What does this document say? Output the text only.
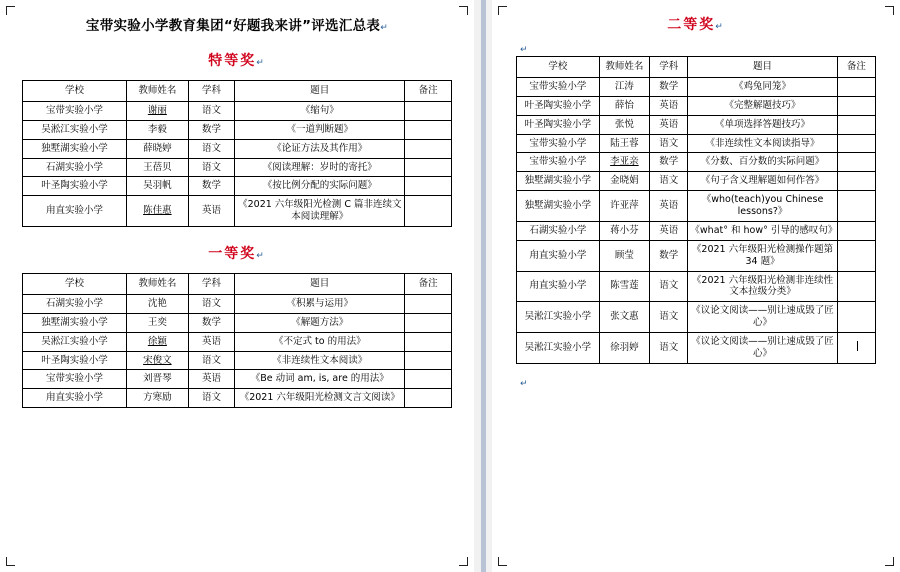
宝带实验小学教育集团“好题我来讲”评选汇总表↵
特等奖↵
学校	教师姓名	学科	题目	备注
宝带实验小学	谢丽	语文	《缩句》	
吴淞江实验小学	李毅	数学	《一道判断题》	
独墅湖实验小学	薛晓婷	语文	《论证方法及其作用》	
石湖实验小学	王蓓贝	语文	《阅读理解：岁时的寄托》	
叶圣陶实验小学	吴羽帆	数学	《按比例分配的实际问题》	
甪直实验小学	陈佳惠	英语	《2021 六年级阳光检测 C 篇非连续文本阅读理解》	
一等奖↵
学校	教师姓名	学科	题目	备注
石湖实验小学	沈艳	语文	《积累与运用》	
独墅湖实验小学	王奕	数学	《解题方法》	
吴淞江实验小学	徐颖	英语	《不定式 to 的用法》	
叶圣陶实验小学	宋俊文	语文	《非连续性文本阅读》	
宝带实验小学	刘晋琴	英语	《Be 动词 am, is, are 的用法》	
甪直实验小学	方寒励	语文	《2021 六年级阳光检测文言文阅读》	
二等奖↵
↵
学校	教师姓名	学科	题目	备注
宝带实验小学	江涛	数学	《鸡兔同笼》	
叶圣陶实验小学	薛怡	英语	《完整解题技巧》	
叶圣陶实验小学	张悦	英语	《单项选择答题技巧》	
宝带实验小学	陆王蓉	语文	《非连续性文本阅读指导》	
宝带实验小学	李亚亲	数学	《分数、百分数的实际问题》	
独墅湖实验小学	金晓娟	语文	《句子含义理解题如何作答》	
独墅湖实验小学	许亚萍	英语	《who(teach)you Chinese lessons?》	
石湖实验小学	蒋小芬	英语	《what° 和 how° 引导的感叹句》	
甪直实验小学	顾莹	数学	《2021 六年级阳光检测操作题第 34 题》	
甪直实验小学	陈雪莲	语文	《2021 六年级阳光检测非连续性文本拉级分类》	
吴淞江实验小学	张文惠	语文	《议论文阅读——别让速成毁了匠心》	
吴淞江实验小学	徐羽婷	语文	《议论文阅读——别让速成毁了匠心》	
↵
